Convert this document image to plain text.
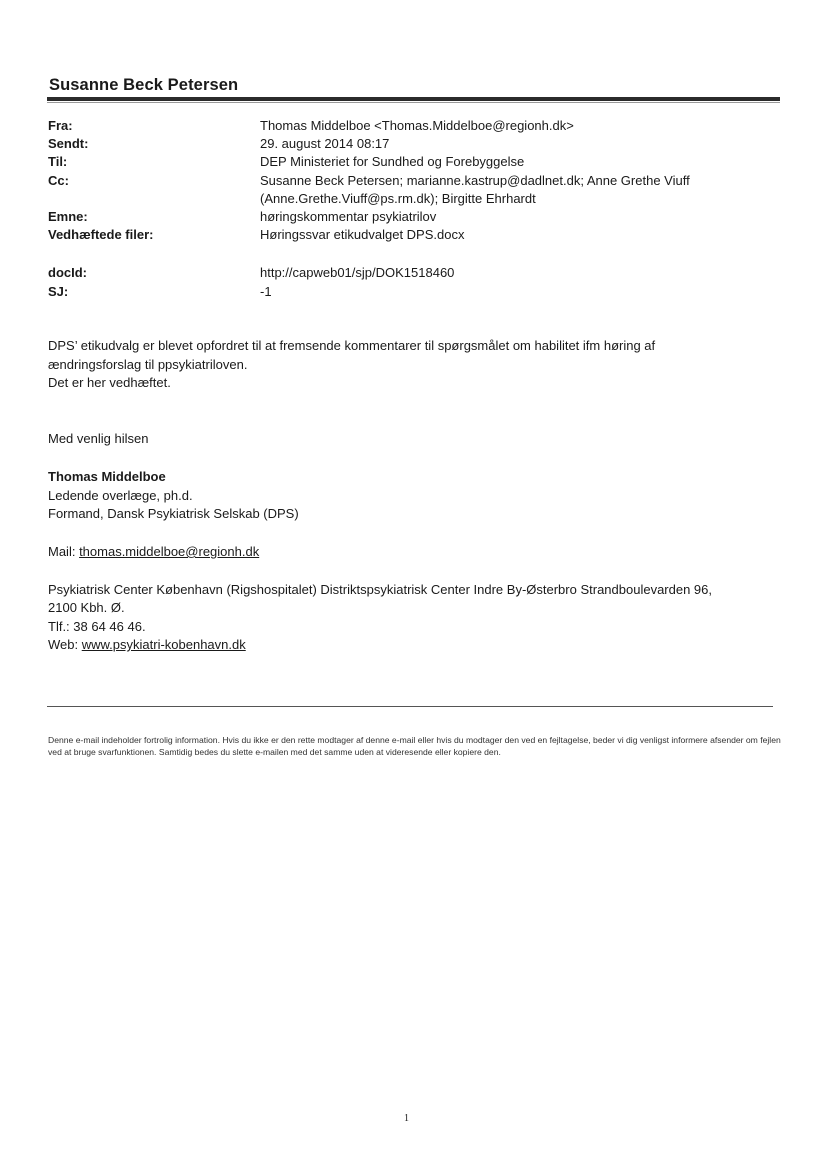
Susanne Beck Petersen
Fra:	Thomas Middelboe <Thomas.Middelboe@regionh.dk>
Sendt:	29. august 2014 08:17
Til:	DEP Ministeriet for Sundhed og Forebyggelse
Cc:	Susanne Beck Petersen; marianne.kastrup@dadlnet.dk; Anne Grethe Viuff
(Anne.Grethe.Viuff@ps.rm.dk); Birgitte Ehrhardt
Emne:	høringskommentar psykiatrilov
Vedhæftede filer:	Høringssvar etikudvalget DPS.docx
docId:	http://capweb01/sjp/DOK1518460
SJ:	-1
DPS’ etikudvalg er blevet opfordret til at fremsende kommentarer til spørgsmålet om habilitet ifm høring af
ændringsforslag til ppsykiatriloven.
Det er her vedhæftet.
Med venlig hilsen
Thomas Middelboe
Ledende overlæge, ph.d.
Formand, Dansk Psykiatrisk Selskab (DPS)
Mail: thomas.middelboe@regionh.dk
Psykiatrisk Center København (Rigshospitalet) Distriktspsykiatrisk Center Indre By-Østerbro Strandboulevarden 96,
2100 Kbh. Ø.
Tlf.: 38 64 46 46.
Web: www.psykiatri-kobenhavn.dk
Denne e-mail indeholder fortrolig information. Hvis du ikke er den rette modtager af denne e-mail eller hvis du modtager den ved en fejltagelse, beder vi dig venligst informere afsender om fejlen ved at bruge svarfunktionen. Samtidig bedes du slette e-mailen med det samme uden at videresende eller kopiere den.
1
